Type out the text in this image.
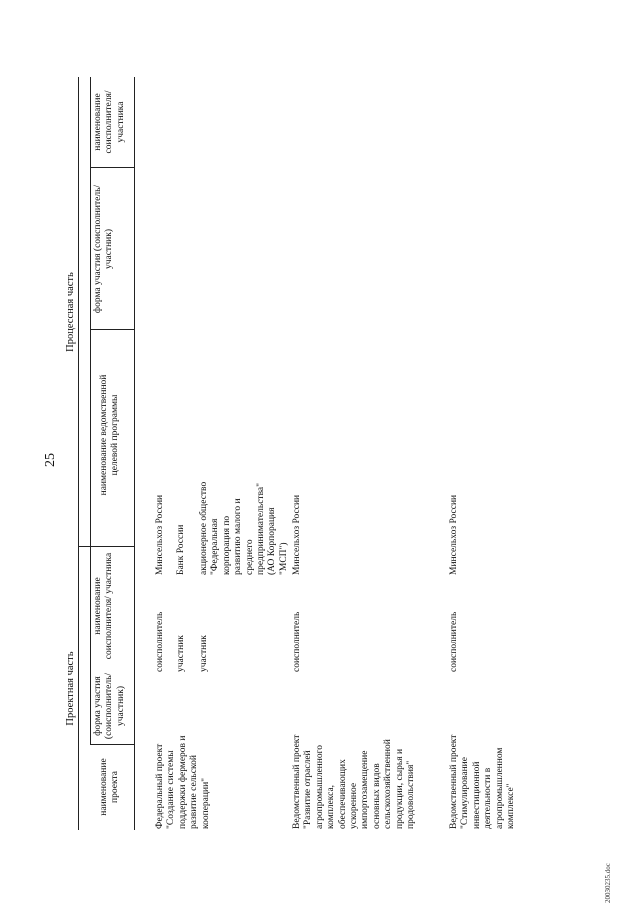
25
Проектная часть
Процессная часть
наименование проекта
форма участия (соисполнитель/ участник)
наименование соисполнителя/ участника
наименование ведомственной целевой программы
форма участия (соисполнитель/ участник)
наименование соисполнителя/ участника
Федеральный проект "Создание системы поддержки фермеров и развитие сельской кооперации"
соисполнитель участник участник
Минсельхоз России Банк России акционерное общество "Федеральная корпорация по развитию малого и среднего предпринимательства" (АО Корпорация "МСП")
Ведомственный проект "Развитие отраслей агропромышленного комплекса, обеспечивающих ускоренное импортозамещение основных видов сельскохозяйственной продукции, сырья и продовольствия"
соисполнитель
Минсельхоз России
Ведомственный проект "Стимулирование инвестиционной деятельности в агропромышленном комплексе"
соисполнитель
Минсельхоз России
20030235.doc
